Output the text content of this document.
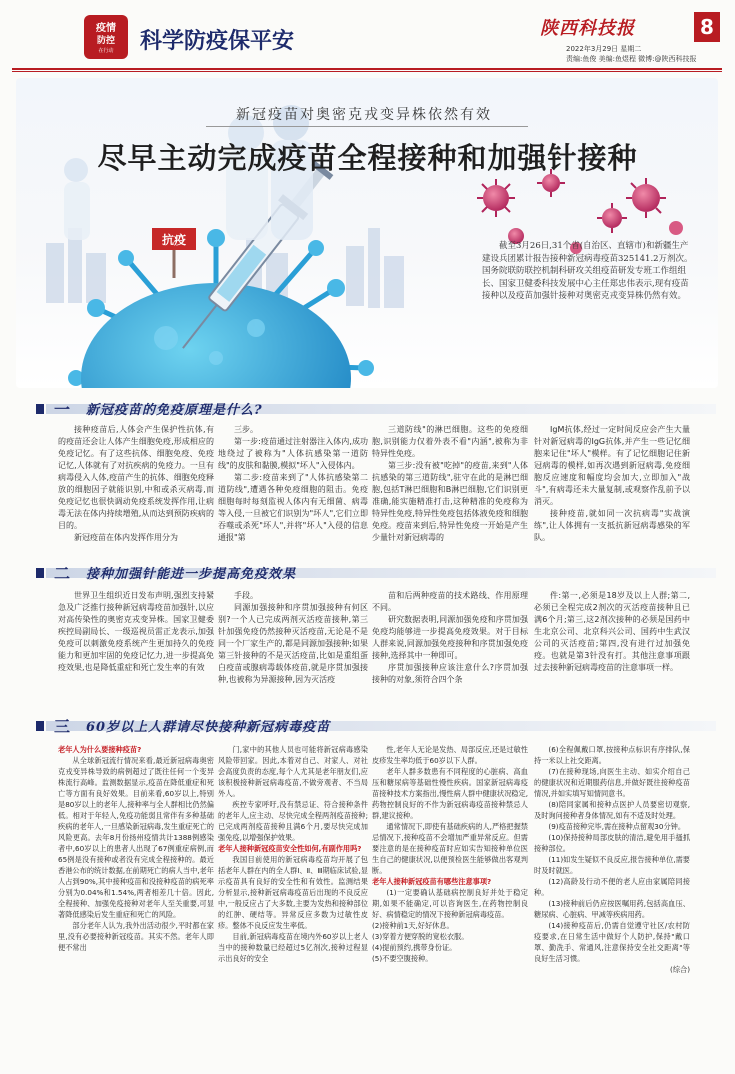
疫情
防控
在行动	科学防疫保平安	陕西科技报	8
2022年3月29日 星期二
责编:鱼俊 美编:鱼煜程 微博:@陕西科技报
抗疫
新冠疫苗对奥密克戎变异株依然有效
尽早主动完成疫苗全程接种和加强针接种
截至3月26日,31个省(自治区、直辖市)和新疆生产建设兵团累计报告接种新冠病毒疫苗325141.2万剂次。国务院联防联控机制科研攻关组疫苗研发专班工作组组长、国家卫健委科技发展中心主任郑忠伟表示,现有疫苗接种以及疫苗加强针接种对奥密克戎变异株仍然有效。
一 新冠疫苗的免疫原理是什么?

接种疫苗后,人体会产生保护性抗体,有的疫苗还会让人体产生细胞免疫,形成相应的免疫记忆。有了这些抗体、细胞免疫、免疫记忆,人体就有了对抗疾病的免疫力。一旦有病毒侵入人体,疫苗产生的抗体、细胞免疫释放的细胞因子就能识别,中和或杀灭病毒,而免疫记忆也很快调动免疫系统发挥作用,让病毒无法在体内持续增殖,从而达到预防疾病的目的。

新冠疫苗在体内发挥作用分为

三步。

第一步:疫苗通过注射器注入体内,成功地绕过了被称为"人体抗感染第一道防线"的皮肤和黏膜,模拟"坏人"入侵体内。

第二步:疫苗来到了"人体抗感染第二道防线",遭遇各种免疫细胞的阻击。免疫细胞每时每刻监视人体内有无细菌、病毒等入侵,一旦被它们识别为"坏人",它们立即吞噬或杀死"坏人",并将"坏人"入侵的信息通报"第

三道防线"的淋巴细胞。这些的免疫细胞,识别能力仅着外表不看"内涵",被称为非特异性免疫。

第三步:没有被"吃掉"的疫苗,来到"人体抗感染的第三道防线",驻守在此的是淋巴细胞,包括T淋巴细胞和B淋巴细胞,它们识别更准确,能实施精准打击,这种精准的免疫称为特异性免疫,特异性免疫包括体液免疫和细胞免疫。疫苗来到后,特异性免疫一开始是产生少量针对新冠病毒的

IgM抗体,经过一定时间反应会产生大量针对新冠病毒的IgG抗体,并产生一些记忆细胞来记住"坏人"模样。有了记忆细胞记住新冠病毒的模样,如再次遇到新冠病毒,免疫细胞反应速度和幅度均会加大,立即加入"战斗",有病毒还未大量复制,或观察作乱前予以消灭。

接种疫苗,就如同一次抗病毒"实战演练",让人体拥有一支抵抗新冠病毒感染的军队。

二 接种加强针能进一步提高免疫效果

世界卫生组织近日发布声明,强烈支持紧急及广泛推行接种新冠病毒疫苗加强针,以应对高传染性的奥密克戎变异株。国家卫健委疾控局副局长、一级巡视员雷正龙表示,加强免疫可以刺激免疫系统产生更加持久的免疫能力和更加牢固的免疫记忆力,进一步提高免疫效果,也是降低重症和死亡发生率的有效

手段。

同源加强接种和序贯加强接种有何区别?一个人已完成两剂灭活疫苗接种,第三针加强免疫仍然接种灭活疫苗,无论是不是同一个厂家生产的,都是同源加强接种;如果第三针接种的不是灭活疫苗,比如是重组蛋白疫苗或腺病毒载体疫苗,就是序贯加强接种,也被称为异源接种,因为灭活疫

苗和后两种疫苗的技术路线、作用原理不同。

研究数据表明,同源加强免疫和序贯加强免疫均能够进一步提高免疫效果。对于目标人群来说,同源加强免疫接种和序贯加强免疫接种,选择其中一种即可。

序贯加强接种应该注意什么?序贯加强接种的对象,须符合四个条

件:第一,必须是18岁及以上人群;第二,必须已全程完成2剂次的灭活疫苗接种且已满6个月;第三,这2剂次接种的必须是国药中生北京公司、北京科兴公司、国药中生武汉公司的灭活疫苗;第四,没有进行过加强免疫。也就是第3针没有打。其他注意事项跟过去接种新冠病毒疫苗的注意事项一样。

三 60岁以上人群请尽快接种新冠病毒疫苗

老年人为什么要接种疫苗?

从全球新冠流行情况来看,最近新冠病毒奥密克戎变异株导致的病例超过了既往任何一个变异株流行高峰。监测数据显示,疫苗在降低重症和死亡等方面有良好效果。目前来看,60岁以上,特别是80岁以上的老年人,接种率与全人群相比仍然偏低。相对于年轻人,免疫功能弱且常伴有多种基础疾病的老年人,一旦感染新冠病毒,发生重症死亡的风险更高。去年8月份扬州疫情共计1388例感染者中,60岁以上的患者人出现了67例重症病例,而65例是没有接种或者没有完成全程接种的。最近香港公布的统计数据,在前期死亡的病人当中,老年人占到90%,其中接种疫苗和没接种疫苗的病死率分别为0.04%和1.54%,两者相差几十倍。因此,全程接种、加强免疫接种对老年人至关重要,可显著降低感染后发生重症和死亡的风险。

部分老年人认为,我外出活动很少,平时都在家里,没有必要接种新冠疫苗。其实不然。老年人即便不常出

门,家中的其他人员也可能将新冠病毒感染风险带回家。因此,本着对自己、对家人、对社会高度负责的态度,每个人尤其是老年朋友们,应该积极接种新冠病毒疫苗,不做旁观者、不当局外人。

疾控专家呼吁,没有禁忌证、符合接种条件的老年人,应主动、尽快完成全程两剂疫苗接种;已完成两剂疫苗接种且满6个月,要尽快完成加强免疫,以增强保护效果。

老年人接种新冠疫苗安全性如何,有副作用吗?

我国目前使用的新冠病毒疫苗均开展了包括老年人群在内的全人群Ⅰ、Ⅱ、Ⅲ期临床试验,显示疫苗具有良好的安全性和有效性。监测结果分析显示,接种新冠病毒疫苗后出现的不良反应中,一般反应占了大多数,主要为发热和接种部位的红肿、硬结等。异常反应多数为过敏性皮疹。整体不良反应发生率低。

目前,新冠病毒疫苗在境内外60岁以上老人当中的接种数量已经超过5亿剂次,接种过程显示出良好的安全

性,老年人无论是发热、局部反应,还是过敏性皮疹发生率均低于60岁以下人群。

老年人群多数患有不同程度的心脏病、高血压和糖尿病等基础性慢性疾病。国家新冠病毒疫苗接种技术方案指出,慢性病人群中健康状况稳定,药物控制良好的不作为新冠病毒疫苗接种禁忌人群,建议接种。

通常情况下,即使有基础疾病的人,严格把握禁忌情况下,接种疫苗不会增加严重异常反应。但需要注意的是在接种疫苗时应如实告知接种单位医生自己的健康状况,以便预检医生能够做出客观判断。

老年人接种新冠疫苗有哪些注意事项?

(1)一定要确认基础病控制良好并处于稳定期,如果不能确定,可以咨询医生,在药物控制良好、病情稳定的情况下接种新冠病毒疫苗。

(2)接种前1天,好好休息。

(3)穿着方便穿脱的宽松衣服。

(4)提前预约,携带身份证。

(5)不要空腹接种。

(6)全程佩戴口罩,按接种点标识有序排队,保持一米以上社交距离。

(7)在接种现场,向医生主动、如实介绍自己的健康状况和近期服药信息,并做好既往接种疫苗情况,并如实填写知情同意书。

(8)陪同家属和接种点医护人员要密切观察,及时询问接种者身体情况,如有不适及时处理。

(9)疫苗接种完毕,需在接种点留观30分钟。

(10)保持接种局部皮肤的清洁,避免用手搔抓接种部位。

(11)如发生疑似不良反应,报告接种单位,需要时及时就医。

(12)高龄及行动不便的老人应由家属陪同接种。

(13)接种前后仍应按医嘱用药,包括高血压、糖尿病、心脏病、甲减等疾病用药。

(14)接种疫苗后,仍需自觉遵守社区/农村防疫要求,在日常生活中做好个人防护,保持"戴口罩、勤洗手、常通风,注意保持安全社交距离"等良好生活习惯。

(综合)
